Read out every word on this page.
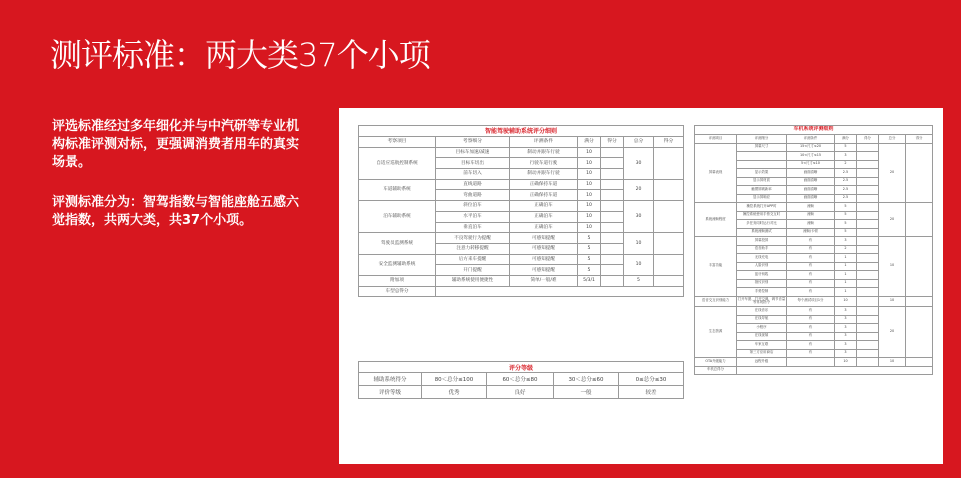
测评标准：两大类37个小项
评选标准经过多年细化并与中汽研等专业机构标准评测对标，更强调消费者用车的真实场景。
评测标准分为：智驾指数与智能座舱五感六觉指数，共两大类，共37个小项。
智能驾驶辅助系统评分细则						
考察项目	考察细分	评测条件	满分	得分	总分	得分
自适应巡航控制系统	目标车加速/减速	制动并跟车行驶	10		30	
	目标车切出	行驶车道行驶	10			
	前车切入	制动并跟车行驶	10			
车道辅助系统	直线道路	正确保持车道	10		20	
	弯曲道路	正确保持车道	10			
泊车辅助系统	斜位泊车	正确泊车	10		30	
	水平泊车	正确泊车	10			
	垂直泊车	正确泊车	10			
驾驶员监测系统	不良驾驶行为提醒	可感知提醒	5		10	
	注意力转移提醒	可感知提醒	5			
安全监测辅助系统	后方来车提醒	可感知提醒	5		10	
	开门提醒	可感知提醒	5			
附加项	辅助系统使用便捷性	简单/一般/难	5/3/1		5	
车型总得分						
评分等级				
辅助系统得分	80＜总分≤100	60＜总分≤80	30＜总分≤60	0≤总分≤30
评价等级	优秀	良好	一般	较差
车机系统评测细则						
评测项目	评测细分	评测条件	满分	得分	总分	得分
屏幕表现	屏幕尺寸	15<尺寸≤20	5		20	
		10<尺寸≤15	3			
		5<尺寸≤10	2			
	显示效果	画面清晰	2.5			
	显示屏材质	画面清晰	2.5			
	触摸屏刷新率	画面清晰	2.5			
	显示屏响应	画面清晰	2.5			
系统流畅程度	操控系统打开APP时	流畅	5		20	
	操控系统使用手势交互时	流畅	5			
	多任务同时运行对比	流畅	5			
	系统流畅测试	流畅/卡顿	5			
丰富功能	屏幕投屏	有	3		10	
	语音助手	有	2			
	无线充电	有	1			
	人脸识别	有	1			
	蓝牙钥匙	有	1			
	指纹识别	有	1			
	手势控制	有	1			
语音交互识别能力	打开车窗、打开空调、调节音量等常规指令	每个测试项目1分	10		10	
生态资源	在线音乐	有	3		20	
	在线导航	有	3			
	小程序	有	3			
	在线视频	有	3			
	车家互联	有	3			
	第三方应用商店	有	3			
OTA升级能力	远程升级		10		10	
车机总得分						
